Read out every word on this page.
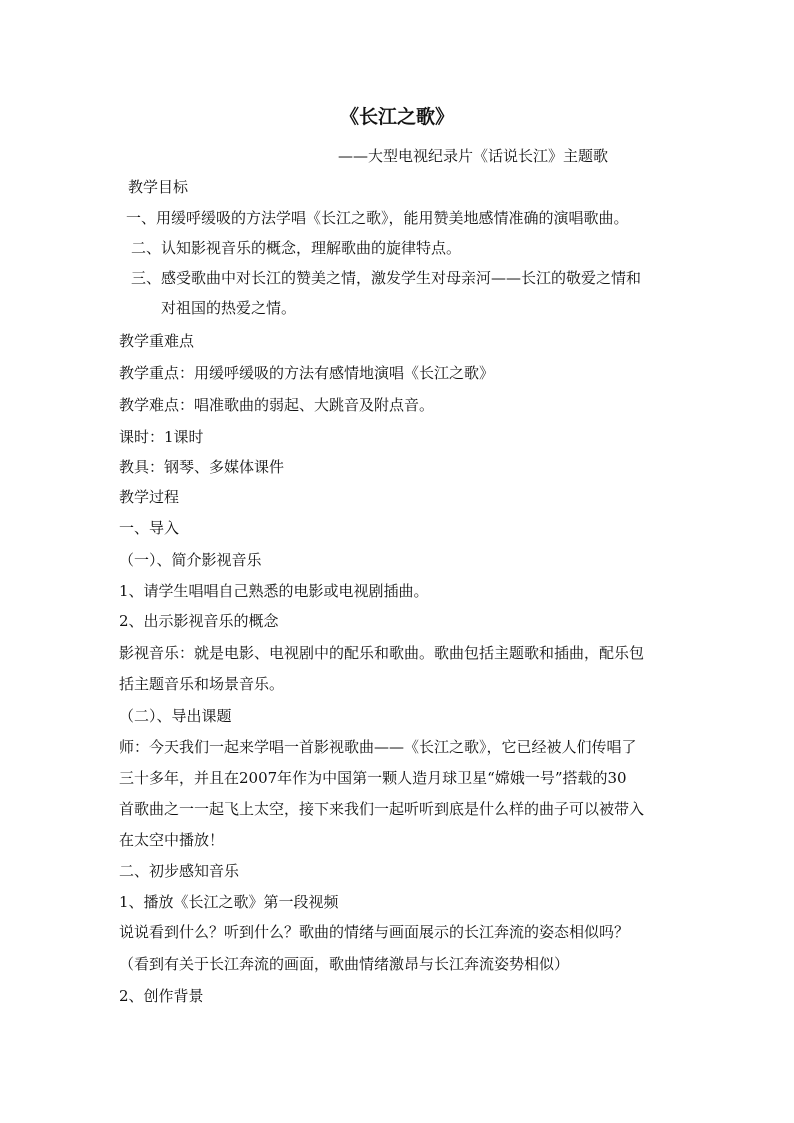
《长江之歌》
——大型电视纪录片《话说长江》主题歌
教学目标
一、用缓呼缓吸的方法学唱《长江之歌》，能用赞美地感情准确的演唱歌曲。
二、认知影视音乐的概念，理解歌曲的旋律特点。
三、感受歌曲中对长江的赞美之情，激发学生对母亲河——长江的敬爱之情和
对祖国的热爱之情。
教学重难点
教学重点：用缓呼缓吸的方法有感情地演唱《长江之歌》
教学难点：唱准歌曲的弱起、大跳音及附点音。
课时：1课时
教具：钢琴、多媒体课件
教学过程
一、导入
（一）、简介影视音乐
1、请学生唱唱自己熟悉的电影或电视剧插曲。
2、出示影视音乐的概念
影视音乐：就是电影、电视剧中的配乐和歌曲。歌曲包括主题歌和插曲，配乐包
括主题音乐和场景音乐。
（二）、导出课题
师：今天我们一起来学唱一首影视歌曲——《长江之歌》，它已经被人们传唱了
三十多年，并且在2007年作为中国第一颗人造月球卫星“嫦娥一号”搭载的30
首歌曲之一一起飞上太空，接下来我们一起听听到底是什么样的曲子可以被带入
在太空中播放！
二、初步感知音乐
1、播放《长江之歌》第一段视频
说说看到什么？听到什么？歌曲的情绪与画面展示的长江奔流的姿态相似吗？
（看到有关于长江奔流的画面，歌曲情绪激昂与长江奔流姿势相似）
2、创作背景
